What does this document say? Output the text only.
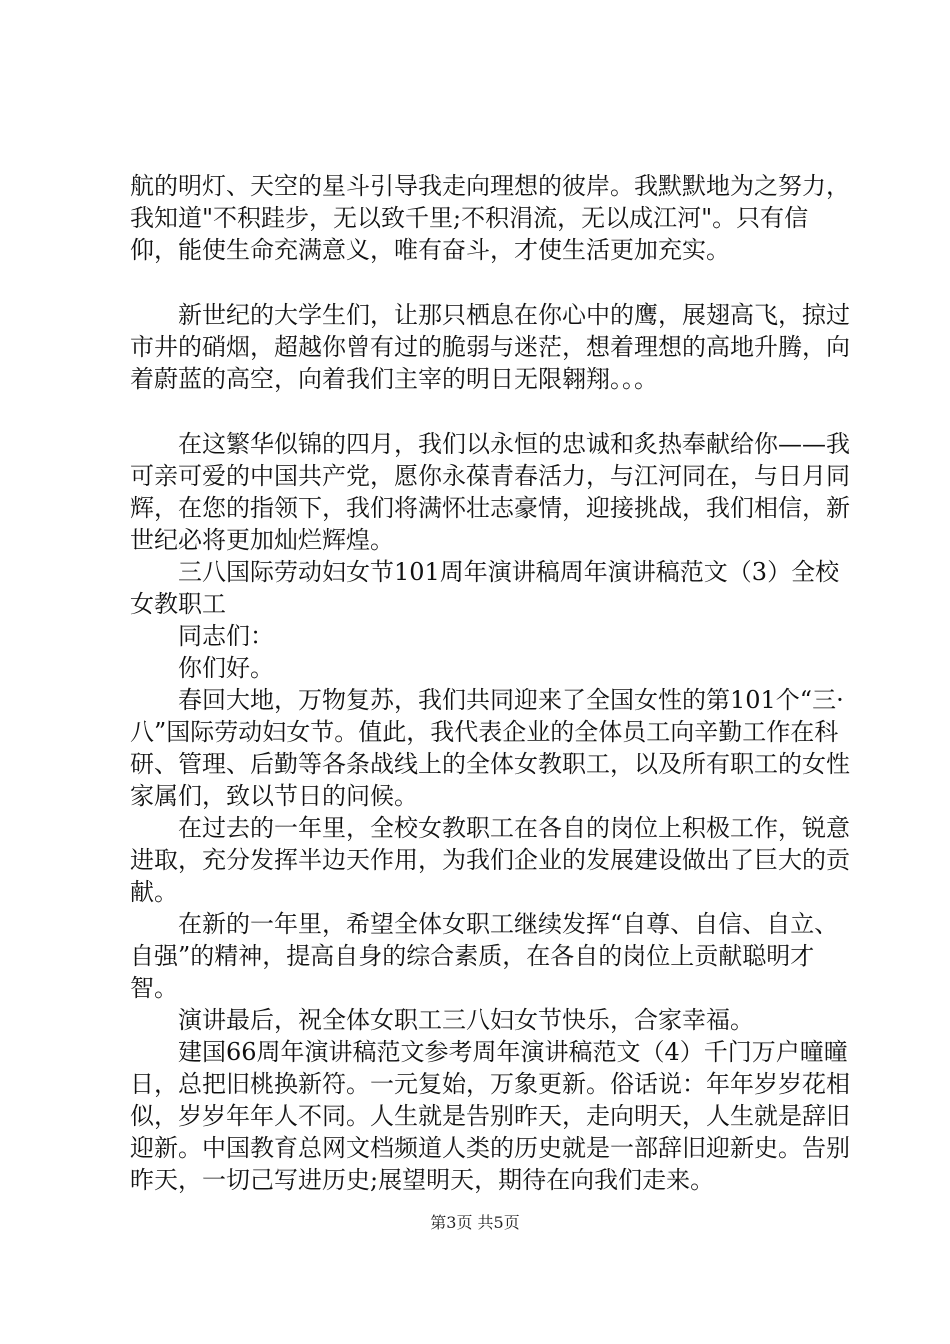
航的明灯、天空的星斗引导我走向理想的彼岸。我默默地为之努力，我知道"不积跬步，无以致千里;不积涓流，无以成江河"。只有信仰，能使生命充满意义，唯有奋斗，才使生活更加充实。

　　新世纪的大学生们，让那只栖息在你心中的鹰，展翅高飞，掠过市井的硝烟，超越你曾有过的脆弱与迷茫，想着理想的高地升腾，向着蔚蓝的高空，向着我们主宰的明日无限翱翔。。。

　　在这繁华似锦的四月，我们以永恒的忠诚和炙热奉献给你——我可亲可爱的中国共产党，愿你永葆青春活力，与江河同在，与日月同辉，在您的指领下，我们将满怀壮志豪情，迎接挑战，我们相信，新世纪必将更加灿烂辉煌。

　　三八国际劳动妇女节101周年演讲稿周年演讲稿范文（3）全校女教职工

　　同志们：

　　你们好。

　　春回大地，万物复苏，我们共同迎来了全国女性的第101个“三·八”国际劳动妇女节。值此，我代表企业的全体员工向辛勤工作在科研、管理、后勤等各条战线上的全体女教职工，以及所有职工的女性家属们，致以节日的问候。

　　在过去的一年里，全校女教职工在各自的岗位上积极工作，锐意进取，充分发挥半边天作用，为我们企业的发展建设做出了巨大的贡献。

　　在新的一年里，希望全体女职工继续发挥“自尊、自信、自立、自强”的精神，提高自身的综合素质，在各自的岗位上贡献聪明才智。

　　演讲最后，祝全体女职工三八妇女节快乐，合家幸福。

　　建国66周年演讲稿范文参考周年演讲稿范文（4）千门万户曈曈日，总把旧桃换新符。一元复始，万象更新。俗话说：年年岁岁花相似，岁岁年年人不同。人生就是告别昨天，走向明天，人生就是辞旧迎新。中国教育总网文档频道人类的历史就是一部辞旧迎新史。告别昨天，一切己写进历史;展望明天，期待在向我们走来。

第3页 共5页
